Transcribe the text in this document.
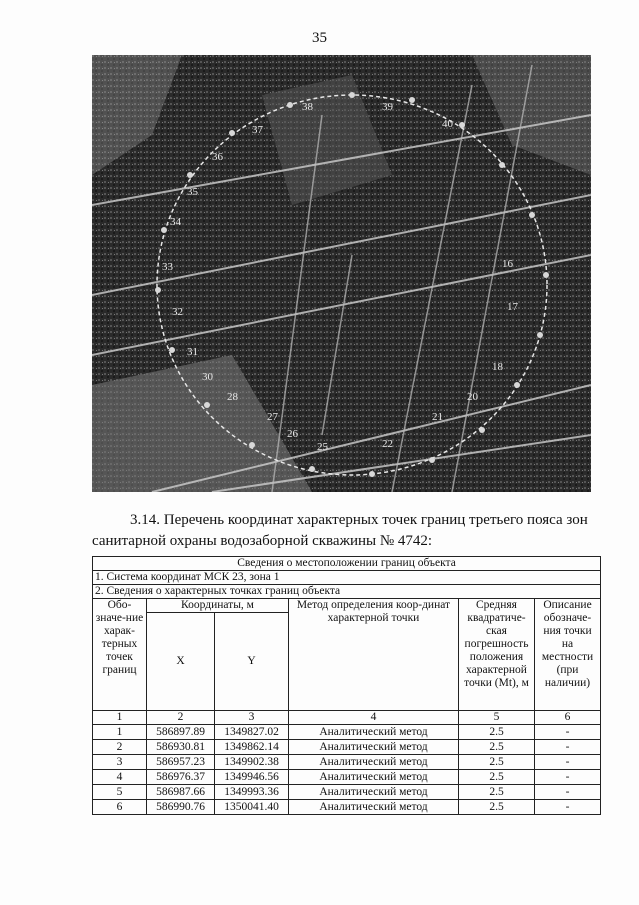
35
16
17
18
20
21
22
25
26
27
28
30
31
32
33
34
35
36
37
38	39
40
3.14. Перечень координат характерных точек границ третьего пояса зон санитарной охраны водозаборной скважины № 4742:
Сведения о местоположении границ объекта					
1. Система координат МСК 23, зона 1					
2. Сведения о характерных точках границ объекта					
Обо-значе-ние харак-терных точек границ	Координаты, м		Метод определения коор-динат характерной точки	Средняя квадратиче-ская погрешность положения характерной точки (Mt), м	Описание обозначе-ния точки на местности (при наличии)
	X	Y			
1	2	3	4	5	6
1	586897.89	1349827.02	Аналитический метод	2.5	-
2	586930.81	1349862.14	Аналитический метод	2.5	-
3	586957.23	1349902.38	Аналитический метод	2.5	-
4	586976.37	1349946.56	Аналитический метод	2.5	-
5	586987.66	1349993.36	Аналитический метод	2.5	-
6	586990.76	1350041.40	Аналитический метод	2.5	-
